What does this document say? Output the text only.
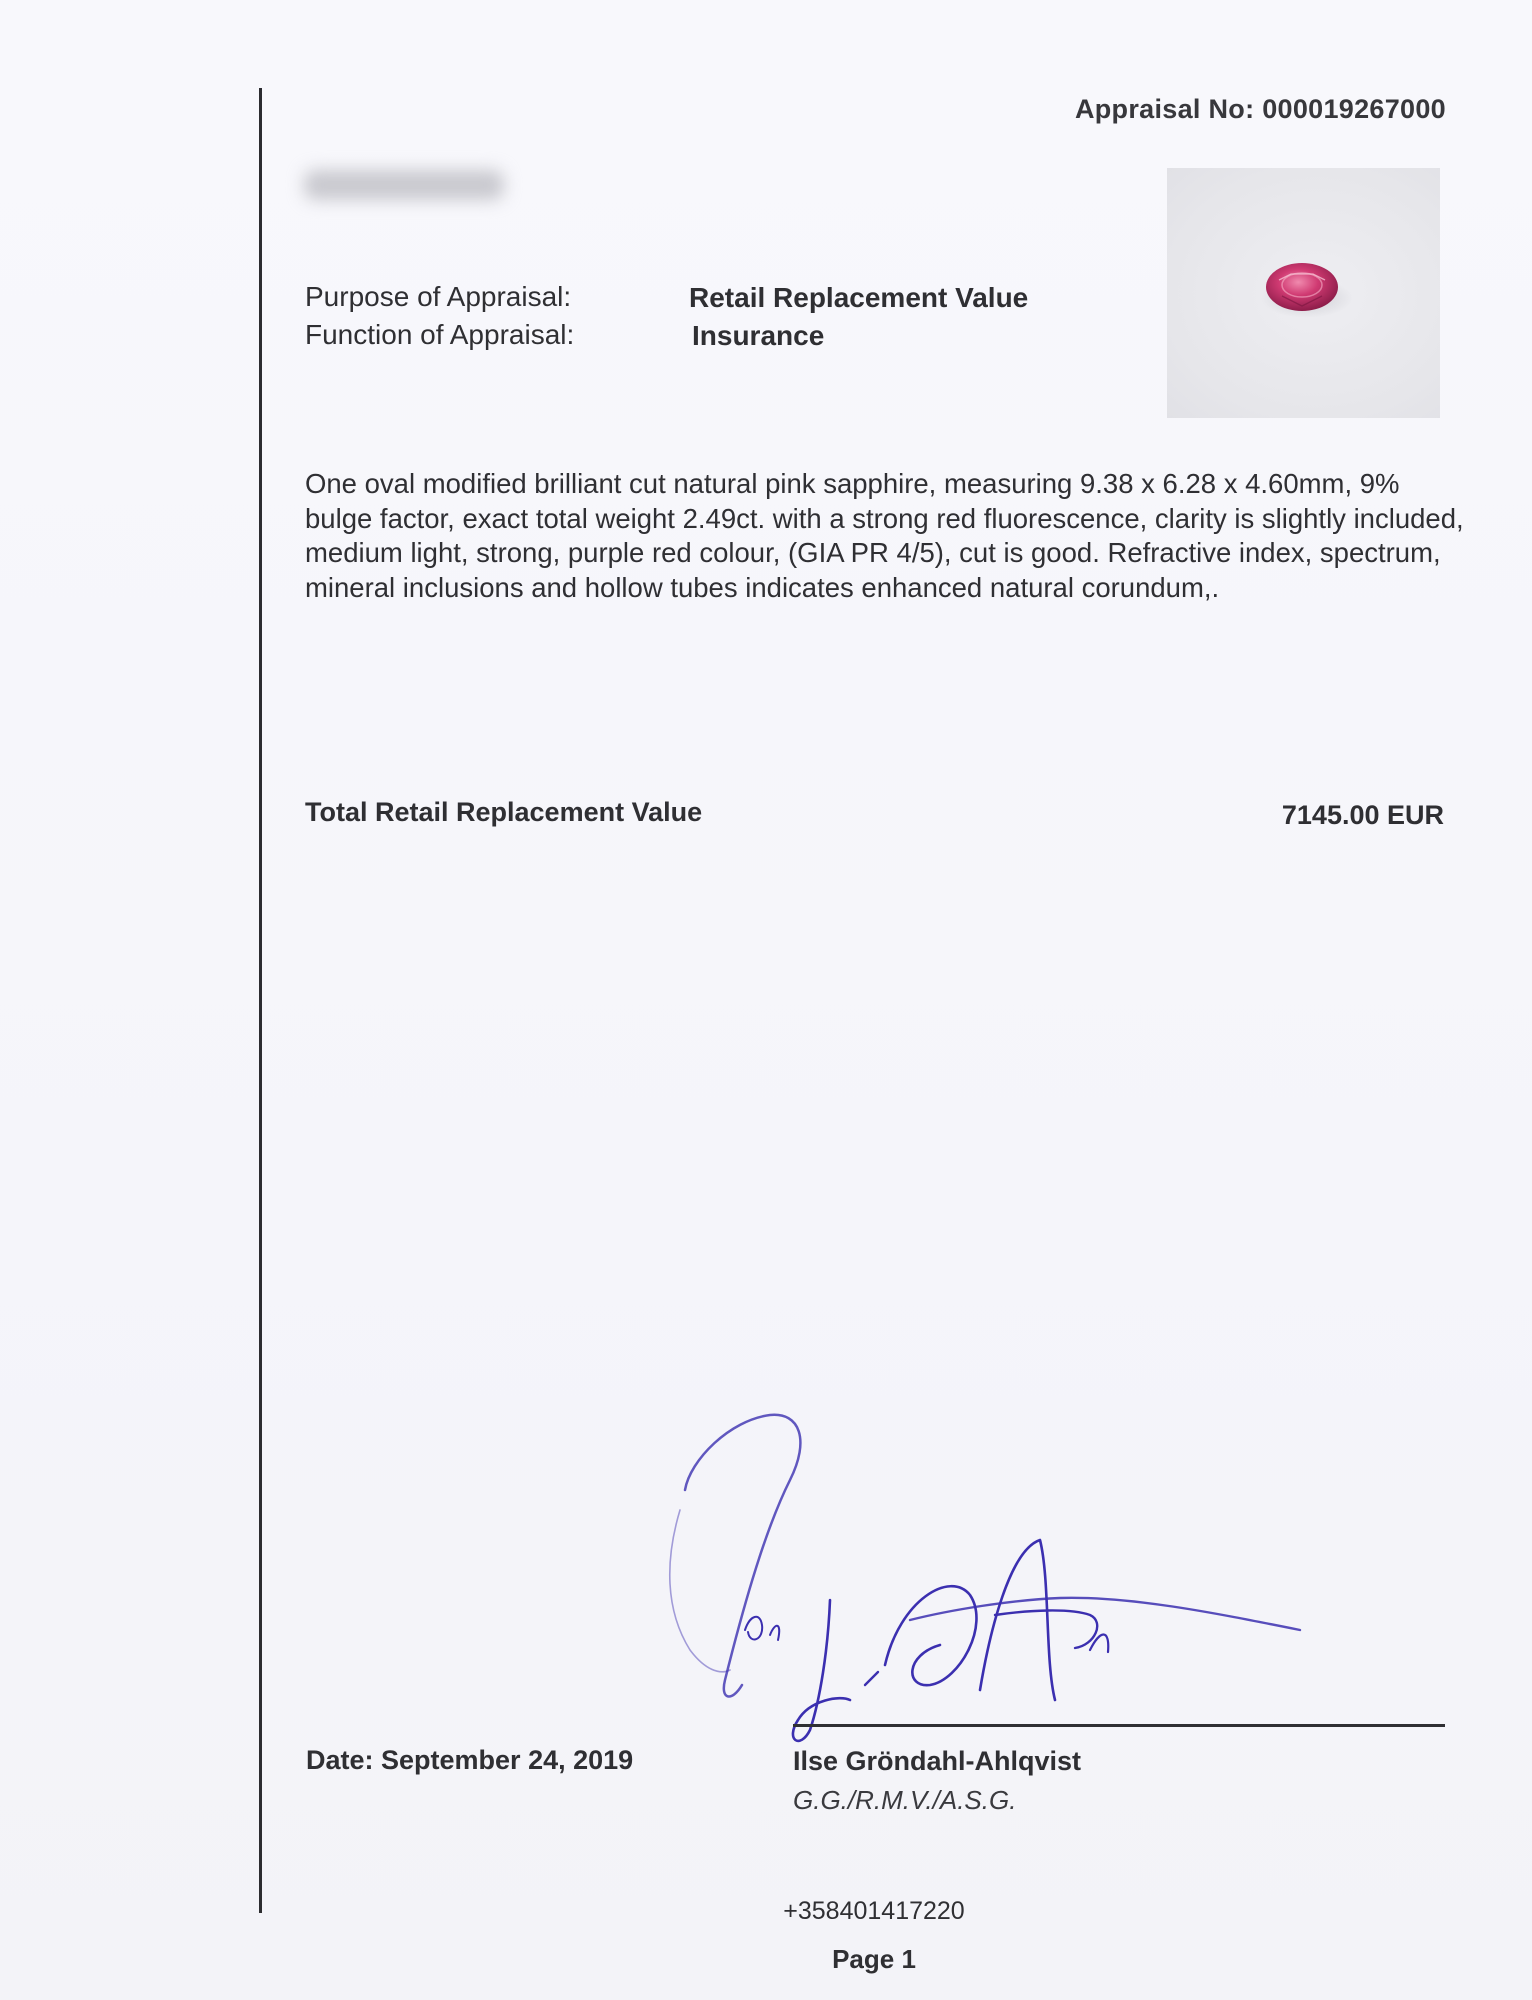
Appraisal No: 000019267000
Purpose of Appraisal:	Retail Replacement Value
Function of Appraisal:	Insurance
One oval modified brilliant cut natural pink sapphire, measuring 9.38 x 6.28 x 4.60mm, 9% bulge factor, exact total weight 2.49ct. with a strong red fluorescence, clarity is slightly included, medium light, strong, purple red colour, (GIA PR 4/5), cut is good. Refractive index, spectrum, mineral inclusions and hollow tubes indicates enhanced natural corundum,.
Total Retail Replacement Value	7145.00 EUR
Date: September 24, 2019	Ilse Gröndahl-Ahlqvist
G.G./R.M.V./A.S.G.
+358401417220
Page 1
